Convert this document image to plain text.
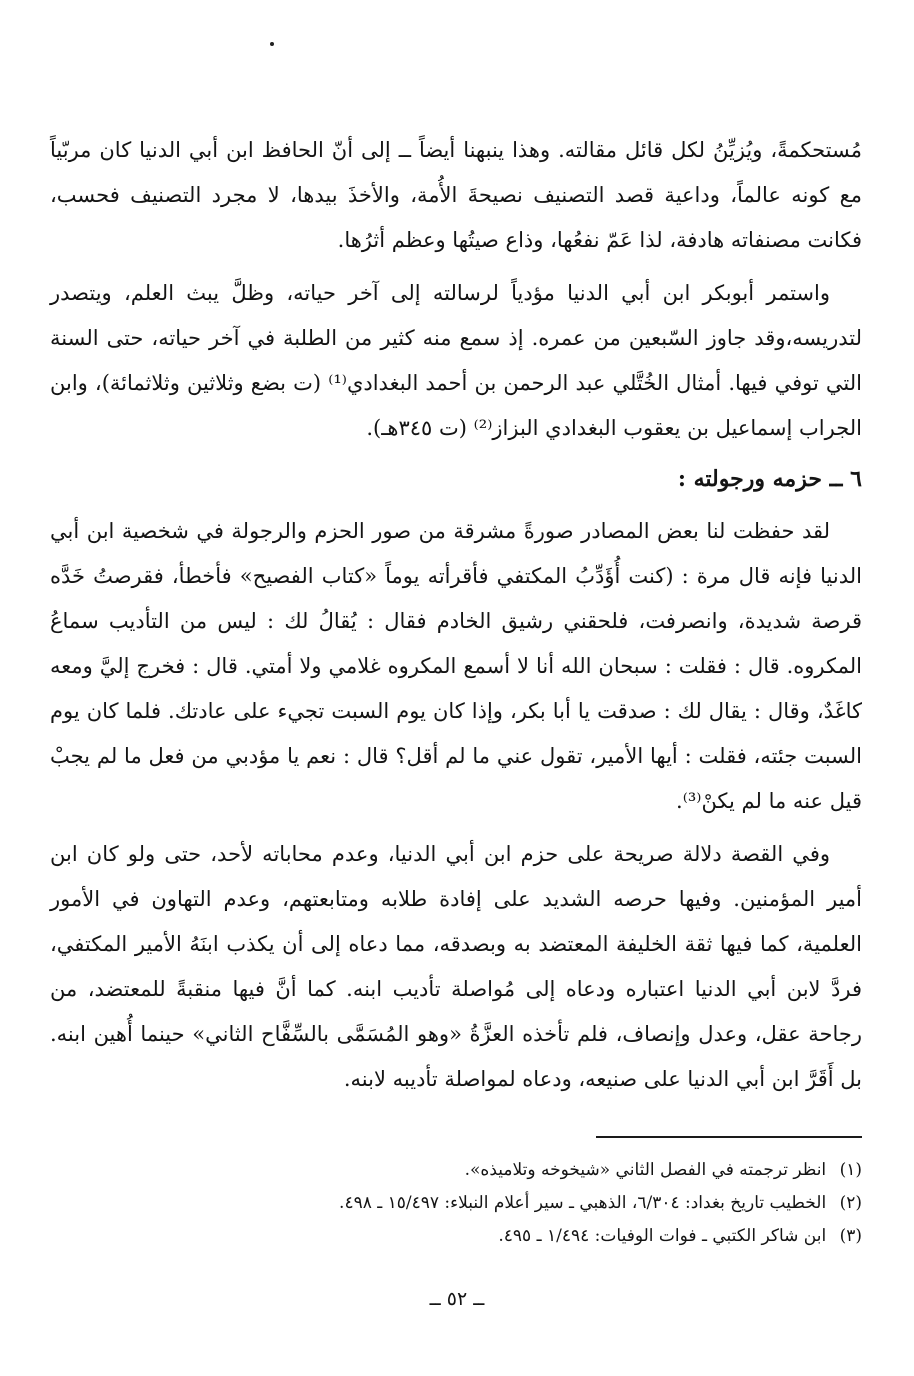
مُستحكمةً، ويُزيِّنُ لكل قائل مقالته. وهذا ينبهنا أيضاً ــ إلى أنّ الحافظ ابن أبي الدنيا كان مربّياً مع كونه عالماً، وداعية قصد التصنيف نصيحةَ الأُمة، والأخذَ بيدها، لا مجرد التصنيف فحسب، فكانت مصنفاته هادفة، لذا عَمّ نفعُها، وذاع صيتُها وعظم أثرُها.

واستمر أبوبكر ابن أبي الدنيا مؤدياً لرسالته إلى آخر حياته، وظلَّ يبث العلم، ويتصدر لتدريسه،وقد جاوز السّبعين من عمره. إذ سمع منه كثير من الطلبة في آخر حياته، حتى السنة التي توفي فيها. أمثال الخُتَّلي عبد الرحمن بن أحمد البغدادي⁽¹⁾ (ت بضع وثلاثين وثلاثمائة)، وابن الجراب إسماعيل بن يعقوب البغدادي البزاز⁽²⁾ (ت ٣٤٥هـ).

٦ ــ حزمه ورجولته :

لقد حفظت لنا بعض المصادر صورةً مشرقة من صور الحزم والرجولة في شخصية ابن أبي الدنيا فإنه قال مرة : (كنت أُؤَدِّبُ المكتفي فأقرأته يوماً «كتاب الفصيح» فأخطأ، فقرصتُ خَدَّه قرصة شديدة، وانصرفت، فلحقني رشيق الخادم فقال : يُقالُ لك : ليس من التأديب سماعُ المكروه. قال : فقلت : سبحان الله أنا لا أسمع المكروه غلامي ولا أمتي. قال : فخرج إليَّ ومعه كاغَدٌ، وقال : يقال لك : صدقت يا أبا بكر، وإذا كان يوم السبت تجيء على عادتك. فلما كان يوم السبت جئته، فقلت : أيها الأمير، تقول عني ما لم أقل؟ قال : نعم يا مؤدبي من فعل ما لم يجبْ قيل عنه ما لم يكنْ⁽³⁾.

وفي القصة دلالة صريحة على حزم ابن أبي الدنيا، وعدم محاباته لأحد، حتى ولو كان ابن أمير المؤمنين. وفيها حرصه الشديد على إفادة طلابه ومتابعتهم، وعدم التهاون في الأمور العلمية، كما فيها ثقة الخليفة المعتضد به وبصدقه، مما دعاه إلى أن يكذب ابنَهُ الأمير المكتفي، فردَّ لابن أبي الدنيا اعتباره ودعاه إلى مُواصلة تأديب ابنه. كما أنَّ فيها منقبةً للمعتضد، من رجاحة عقل، وعدل وإنصاف، فلم تأخذه العزَّةُ «وهو المُسَمَّى بالسِّفَّاح الثاني» حينما أُهين ابنه. بل أَقَرَّ ابن أبي الدنيا على صنيعه، ودعاه لمواصلة تأديبه لابنه.

(١) انظر ترجمته في الفصل الثاني «شيخوخه وتلاميذه».

(٢) الخطيب تاريخ بغداد: ٦/٣٠٤، الذهبي ـ سير أعلام النبلاء: ١٥/٤٩٧ ـ ٤٩٨.

(٣) ابن شاكر الكتبي ـ فوات الوفيات: ١/٤٩٤ ـ ٤٩٥.

ــ ٥٢ ــ
